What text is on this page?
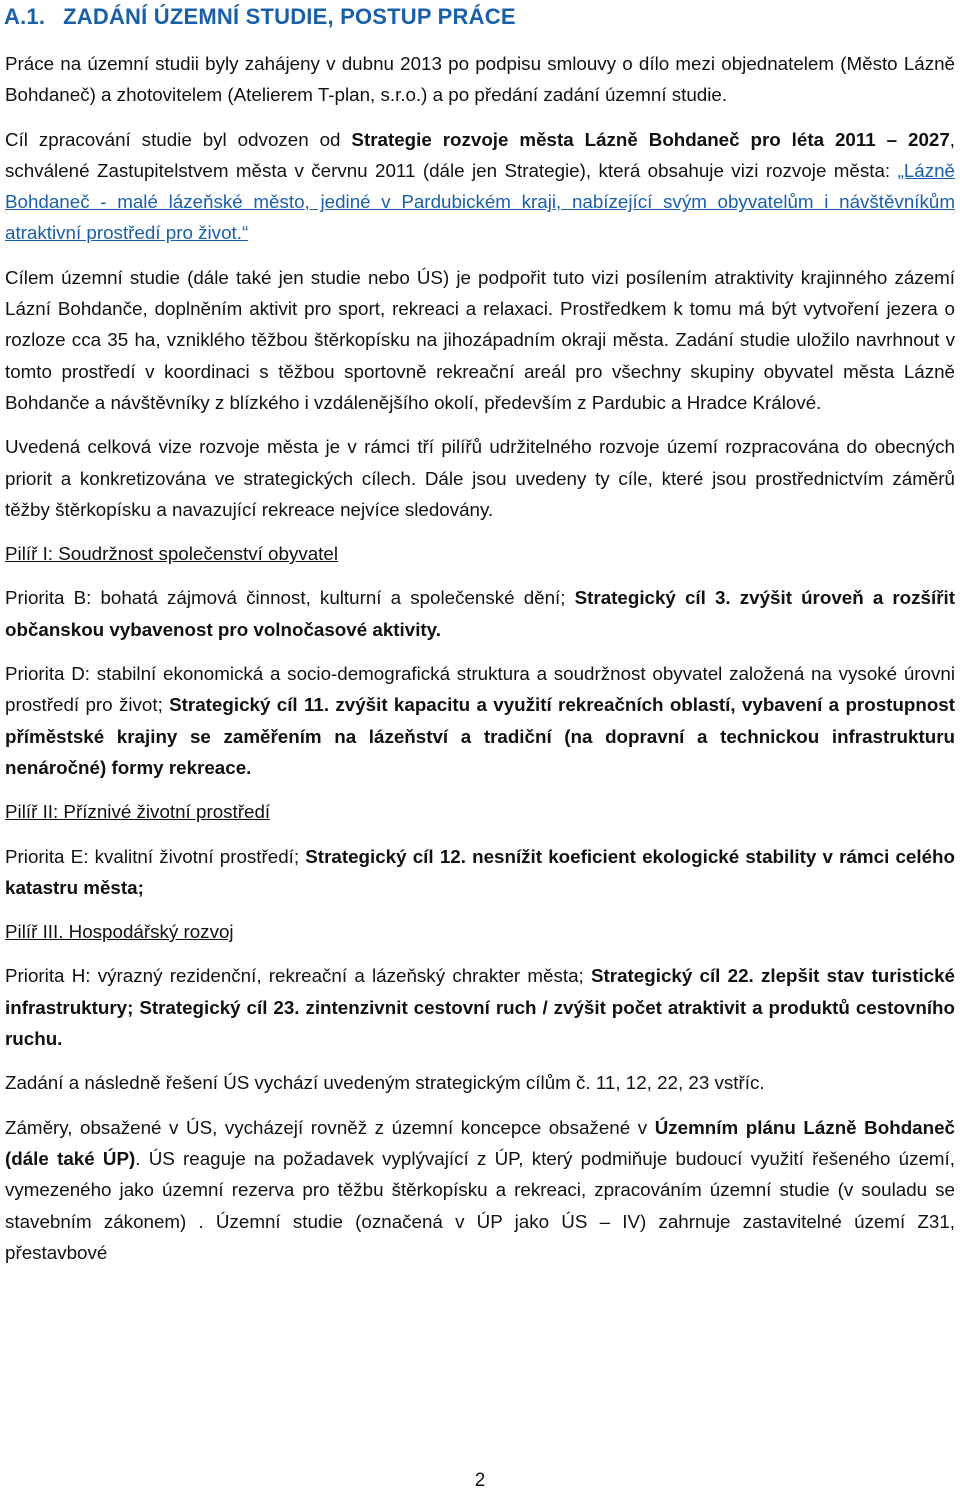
A.1. ZADÁNÍ ÚZEMNÍ STUDIE, POSTUP PRÁCE

Práce na územní studii byly zahájeny v dubnu 2013 po podpisu smlouvy o dílo mezi objednatelem (Město Lázně Bohdaneč) a zhotovitelem (Atelierem T-plan, s.r.o.) a po předání zadání územní studie.

Cíl zpracování studie byl odvozen od Strategie rozvoje města Lázně Bohdaneč pro léta 2011 – 2027, schválené Zastupitelstvem města v červnu 2011 (dále jen Strategie), která obsahuje vizi rozvoje města: „Lázně Bohdaneč - malé lázeňské město, jediné v Pardubickém kraji, nabízející svým obyvatelům i návštěvníkům atraktivní prostředí pro život.“

Cílem územní studie (dále také jen studie nebo ÚS) je podpořit tuto vizi posílením atraktivity krajinného zázemí Lázní Bohdanče, doplněním aktivit pro sport, rekreaci a relaxaci. Prostředkem k tomu má být vytvoření jezera o rozloze cca 35 ha, vzniklého těžbou štěrkopísku na jihozápadním okraji města. Zadání studie uložilo navrhnout v tomto prostředí v koordinaci s těžbou sportovně rekreační areál pro všechny skupiny obyvatel města Lázně Bohdanče a návštěvníky z blízkého i vzdálenějšího okolí, především z Pardubic a Hradce Králové.

Uvedená celková vize rozvoje města je v rámci tří pilířů udržitelného rozvoje území rozpracována do obecných priorit a konkretizována ve strategických cílech. Dále jsou uvedeny ty cíle, které jsou prostřednictvím záměrů těžby štěrkopísku a navazující rekreace nejvíce sledovány.

Pilíř I: Soudržnost společenství obyvatel

Priorita B: bohatá zájmová činnost, kulturní a společenské dění; Strategický cíl 3. zvýšit úroveň a rozšířit občanskou vybavenost pro volnočasové aktivity.

Priorita D: stabilní ekonomická a socio-demografická struktura a soudržnost obyvatel založená na vysoké úrovni prostředí pro život; Strategický cíl 11. zvýšit kapacitu a využití rekreačních oblastí, vybavení a prostupnost příměstské krajiny se zaměřením na lázeňství a tradiční (na dopravní a technickou infrastrukturu nenáročné) formy rekreace.

Pilíř II: Příznivé životní prostředí

Priorita E: kvalitní životní prostředí; Strategický cíl 12. nesnížit koeficient ekologické stability v rámci celého katastru města;

Pilíř III. Hospodářský rozvoj

Priorita H: výrazný rezidenční, rekreační a lázeňský chrakter města; Strategický cíl 22. zlepšit stav turistické infrastruktury; Strategický cíl 23. zintenzivnit cestovní ruch / zvýšit počet atraktivit a produktů cestovního ruchu.

Zadání a následně řešení ÚS vychází uvedeným strategickým cílům č. 11, 12, 22, 23 vstříc.

Záměry, obsažené v ÚS, vycházejí rovněž z územní koncepce obsažené v Územním plánu Lázně Bohdaneč (dále také ÚP). ÚS reaguje na požadavek vyplývající z ÚP, který podmiňuje budoucí využití řešeného území, vymezeného jako územní rezerva pro těžbu štěrkopísku a rekreaci, zpracováním územní studie (v souladu se stavebním zákonem) . Územní studie (označená v ÚP jako ÚS – IV) zahrnuje zastavitelné území Z31, přestavbové

2
